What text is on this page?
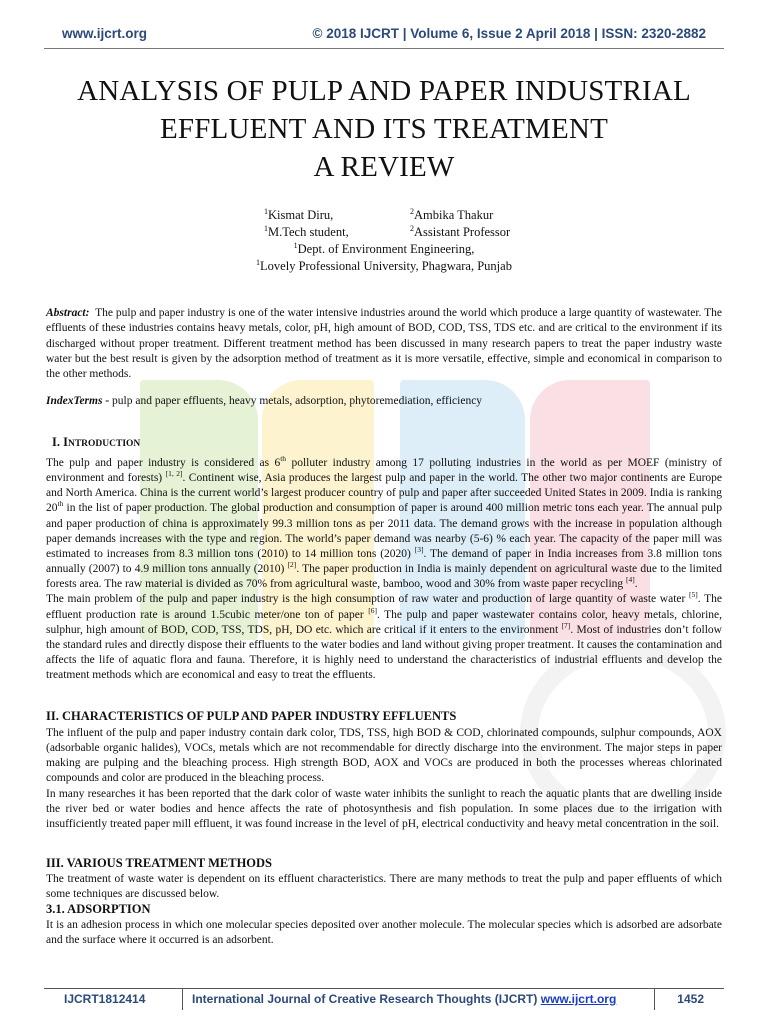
www.ijcrt.org	© 2018 IJCRT | Volume 6, Issue 2 April 2018 | ISSN: 2320-2882
ANALYSIS OF PULP AND PAPER INDUSTRIAL
EFFLUENT AND ITS TREATMENT
A REVIEW
$^1$Kismat Diru,	$^2$Ambika Thakur
$^1$M.Tech student,	$^2$Assistant Professor
$^1$Dept. of Environment Engineering,
$^1$Lovely Professional University, Phagwara, Punjab
Abstract: The pulp and paper industry is one of the water intensive industries around the world which produce a large quantity of wastewater. The effluents of these industries contains heavy metals, color, pH, high amount of BOD, COD, TSS, TDS etc. and are critical to the environment if its discharged without proper treatment. Different treatment method has been discussed in many research papers to treat the paper industry waste water but the best result is given by the adsorption method of treatment as it is more versatile, effective, simple and economical in comparison to the other methods.
IndexTerms - pulp and paper effluents, heavy metals, adsorption, phytoremediation, efficiency
I. INTRODUCTION

The pulp and paper industry is considered as 6th polluter industry among 17 polluting industries in the world as per MOEF (ministry of environment and forests) [1, 2]. Continent wise, Asia produces the largest pulp and paper in the world. The other two major continents are Europe and North America. China is the current world’s largest producer country of pulp and paper after succeeded United States in 2009. India is ranking 20th in the list of paper production. The global production and consumption of paper is around 400 million metric tons each year. The annual pulp and paper production of china is approximately 99.3 million tons as per 2011 data. The demand grows with the increase in population although paper demands increases with the type and region. The world’s paper demand was nearby (5-6) % each year. The capacity of the paper mill was estimated to increases from 8.3 million tons (2010) to 14 million tons (2020) [3]. The demand of paper in India increases from 3.8 million tons annually (2007) to 4.9 million tons annually (2010) [2]. The paper production in India is mainly dependent on agricultural waste due to the limited forests area. The raw material is divided as 70% from agricultural waste, bamboo, wood and 30% from waste paper recycling [4].

The main problem of the pulp and paper industry is the high consumption of raw water and production of large quantity of waste water [5]. The effluent production rate is around 1.5cubic meter/one ton of paper [6]. The pulp and paper wastewater contains color, heavy metals, chlorine, sulphur, high amount of BOD, COD, TSS, TDS, pH, DO etc. which are critical if it enters to the environment [7]. Most of industries don’t follow the standard rules and directly dispose their effluents to the water bodies and land without giving proper treatment. It causes the contamination and affects the life of aquatic flora and fauna. Therefore, it is highly need to understand the characteristics of industrial effluents and develop the treatment methods which are economical and easy to treat the effluents.

II. CHARACTERISTICS OF PULP AND PAPER INDUSTRY EFFLUENTS

The influent of the pulp and paper industry contain dark color, TDS, TSS, high BOD & COD, chlorinated compounds, sulphur compounds, AOX (adsorbable organic halides), VOCs, metals which are not recommendable for directly discharge into the environment. The major steps in paper making are pulping and the bleaching process. High strength BOD, AOX and VOCs are produced in both the processes whereas chlorinated compounds and color are produced in the bleaching process.

In many researches it has been reported that the dark color of waste water inhibits the sunlight to reach the aquatic plants that are dwelling inside the river bed or water bodies and hence affects the rate of photosynthesis and fish population. In some places due to the irrigation with insufficiently treated paper mill effluent, it was found increase in the level of pH, electrical conductivity and heavy metal concentration in the soil.

III. VARIOUS TREATMENT METHODS
The treatment of waste water is dependent on its effluent characteristics. There are many methods to treat the pulp and paper effluents of which some techniques are discussed below.
3.1. ADSORPTION
It is an adhesion process in which one molecular species deposited over another molecule. The molecular species which is adsorbed are adsorbate and the surface where it occurred is an adsorbent.
IJCRT1812414	International Journal of Creative Research Thoughts (IJCRT) www.ijcrt.org	1452
